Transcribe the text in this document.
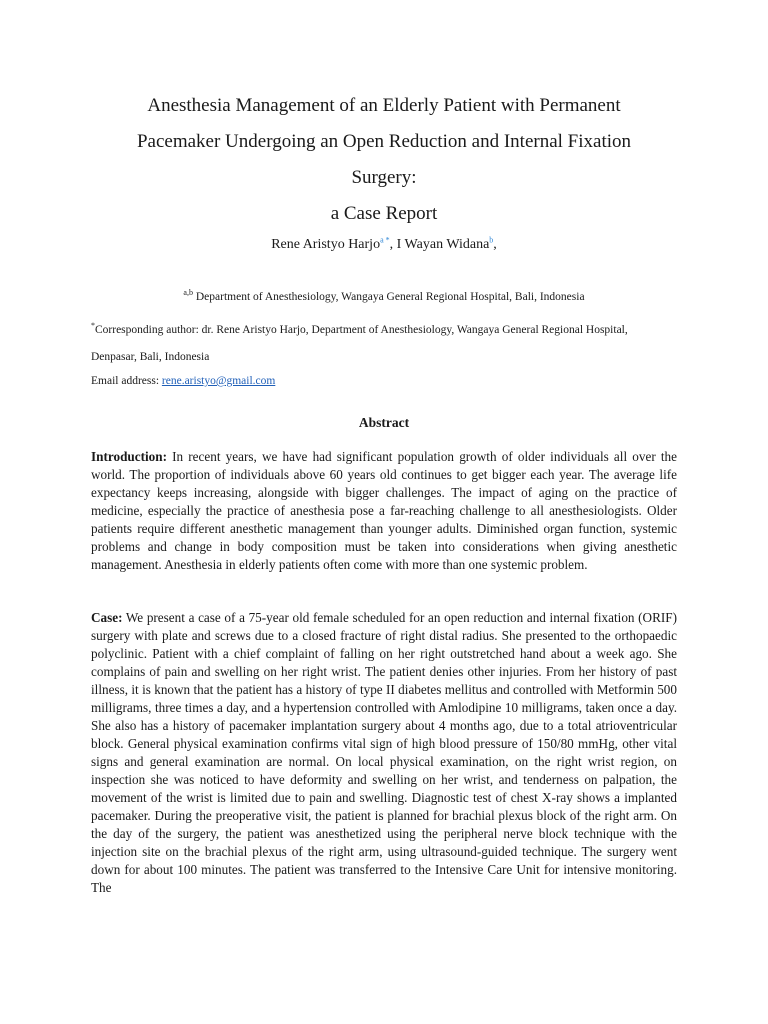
Anesthesia Management of an Elderly Patient with Permanent
Pacemaker Undergoing an Open Reduction and Internal Fixation
Surgery:
a Case Report
Rene Aristyo Harjo$^{a *}$, I Wayan Widana$^b$,
$^{a,b}$ Department of Anesthesiology, Wangaya General Regional Hospital, Bali, Indonesia
*Corresponding author: dr. Rene Aristyo Harjo, Department of Anesthesiology, Wangaya General Regional Hospital,
Denpasar, Bali, Indonesia
Email address: rene.aristyo@gmail.com
Abstract
Introduction: In recent years, we have had significant population growth of older individuals all over the world. The proportion of individuals above 60 years old continues to get bigger each year. The average life expectancy keeps increasing, alongside with bigger challenges. The impact of aging on the practice of medicine, especially the practice of anesthesia pose a far-reaching challenge to all anesthesiologists. Older patients require different anesthetic management than younger adults. Diminished organ function, systemic problems and change in body composition must be taken into considerations when giving anesthetic management. Anesthesia in elderly patients often come with more than one systemic problem.
Case: We present a case of a 75-year old female scheduled for an open reduction and internal fixation (ORIF) surgery with plate and screws due to a closed fracture of right distal radius. She presented to the orthopaedic polyclinic. Patient with a chief complaint of falling on her right outstretched hand about a week ago. She complains of pain and swelling on her right wrist. The patient denies other injuries. From her history of past illness, it is known that the patient has a history of type II diabetes mellitus and controlled with Metformin 500 milligrams, three times a day, and a hypertension controlled with Amlodipine 10 milligrams, taken once a day. She also has a history of pacemaker implantation surgery about 4 months ago, due to a total atrioventricular block. General physical examination confirms vital sign of high blood pressure of 150/80 mmHg, other vital signs and general examination are normal. On local physical examination, on the right wrist region, on inspection she was noticed to have deformity and swelling on her wrist, and tenderness on palpation, the movement of the wrist is limited due to pain and swelling. Diagnostic test of chest X-ray shows a implanted pacemaker. During the preoperative visit, the patient is planned for brachial plexus block of the right arm. On the day of the surgery, the patient was anesthetized using the peripheral nerve block technique with the injection site on the brachial plexus of the right arm, using ultrasound-guided technique. The surgery went down for about 100 minutes. The patient was transferred to the Intensive Care Unit for intensive monitoring. The
